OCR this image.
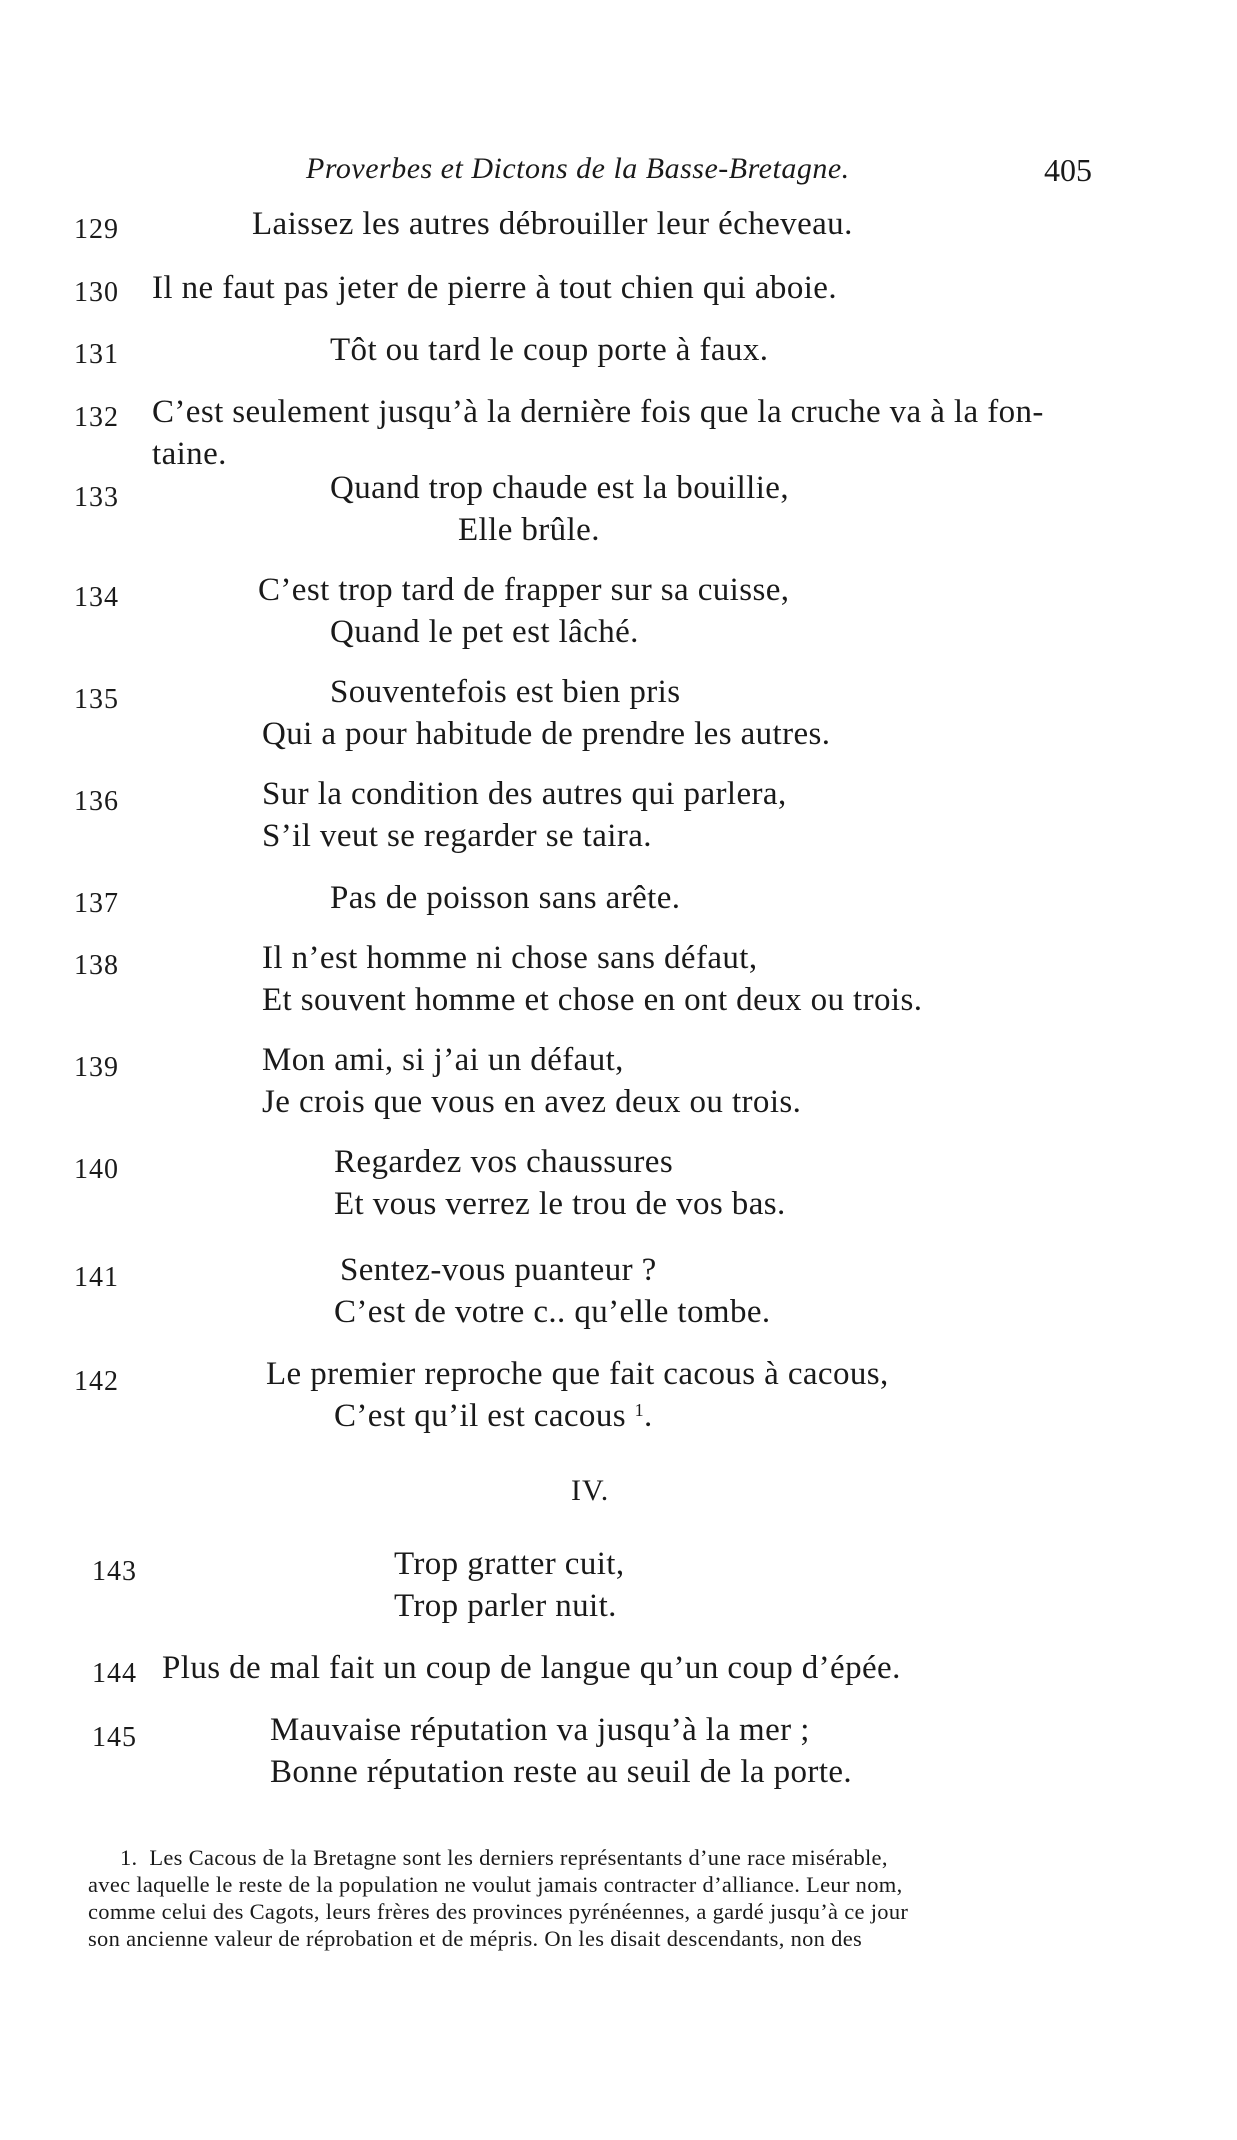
Proverbes et Dictons de la Basse-Bretagne.	405
129	Laissez les autres débrouiller leur écheveau.
130 Il ne faut pas jeter de pierre à tout chien qui aboie.
131	Tôt ou tard le coup porte à faux.
132 C’est seulement jusqu’à la dernière fois que la cruche va à la fon-
taine.
133	Quand trop chaude est la bouillie,
Elle brûle.
134	C’est trop tard de frapper sur sa cuisse,
Quand le pet est lâché.
135	Souventefois est bien pris
Qui a pour habitude de prendre les autres.
136	Sur la condition des autres qui parlera,
S’il veut se regarder se taira.
137	Pas de poisson sans arête.
138	Il n’est homme ni chose sans défaut,
Et souvent homme et chose en ont deux ou trois.
139	Mon ami, si j’ai un défaut,
Je crois que vous en avez deux ou trois.
140	Regardez vos chaussures
Et vous verrez le trou de vos bas.
141	Sentez-vous puanteur ?
C’est de votre c.. qu’elle tombe.
142	Le premier reproche que fait cacous à cacous,
C’est qu’il est cacous $^1$.
IV.
143	Trop gratter cuit,
Trop parler nuit.
144 Plus de mal fait un coup de langue qu’un coup d’épée.
145	Mauvaise réputation va jusqu’à la mer ;
Bonne réputation reste au seuil de la porte.
1. Les Cacous de la Bretagne sont les derniers représentants d’une race misérable,
avec laquelle le reste de la population ne voulut jamais contracter d’alliance. Leur nom,
comme celui des Cagots, leurs frères des provinces pyrénéennes, a gardé jusqu’à ce jour
son ancienne valeur de réprobation et de mépris. On les disait descendants, non des
